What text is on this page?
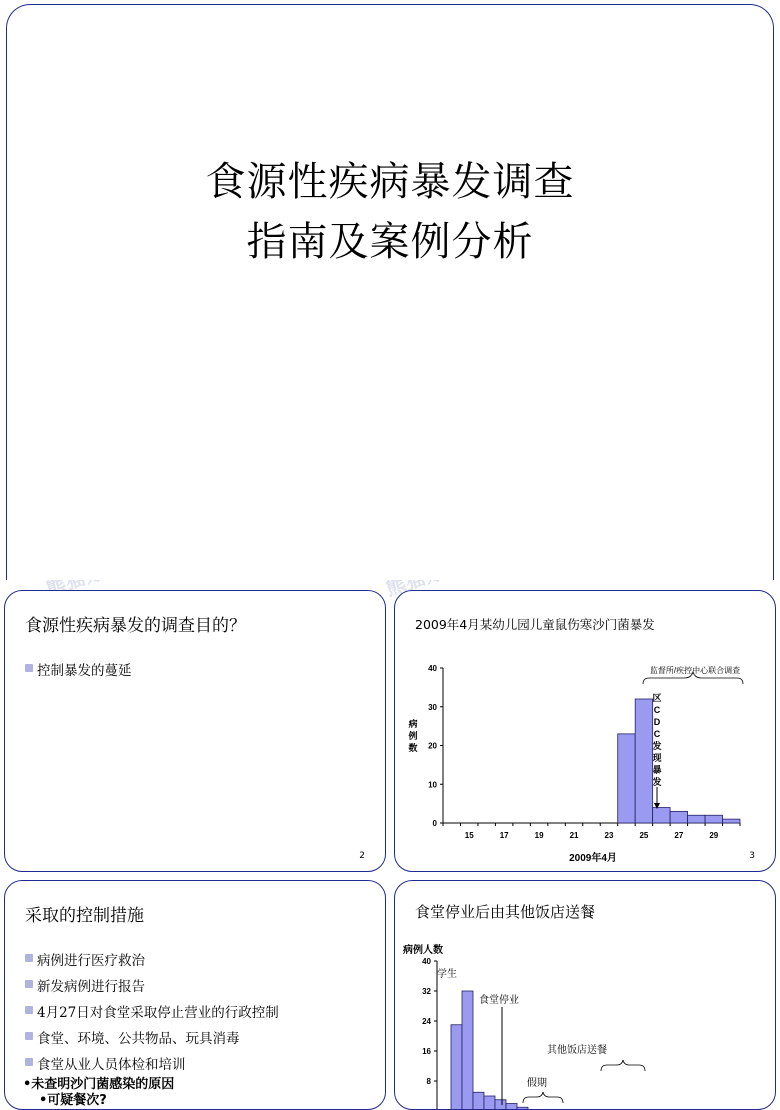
食源性疾病暴发调查
指南及案例分析
食源性疾病暴发的调查目的？
控制暴发的蔓延
2
2009年4月某幼儿园儿童鼠伤寒沙门菌暴发
0
10
20
30
40
15	17	19	21	23	25	27	29
监督所/疾控中心联合调查
区
C
D
C
发
现
暴
发
病
例
数
2009年4月	3
采取的控制措施
病例进行医疗救治
新发病例进行报告
4月27日对食堂采取停止营业的行政控制
食堂、环境、公共物品、玩具消毒
食堂从业人员体检和培训
•未查明沙门菌感染的原因
•可疑餐次?
食堂停业后由其他饭店送餐
病例人数
8
16
24
32
40
学生
食堂停业
其他饭店送餐
假期
